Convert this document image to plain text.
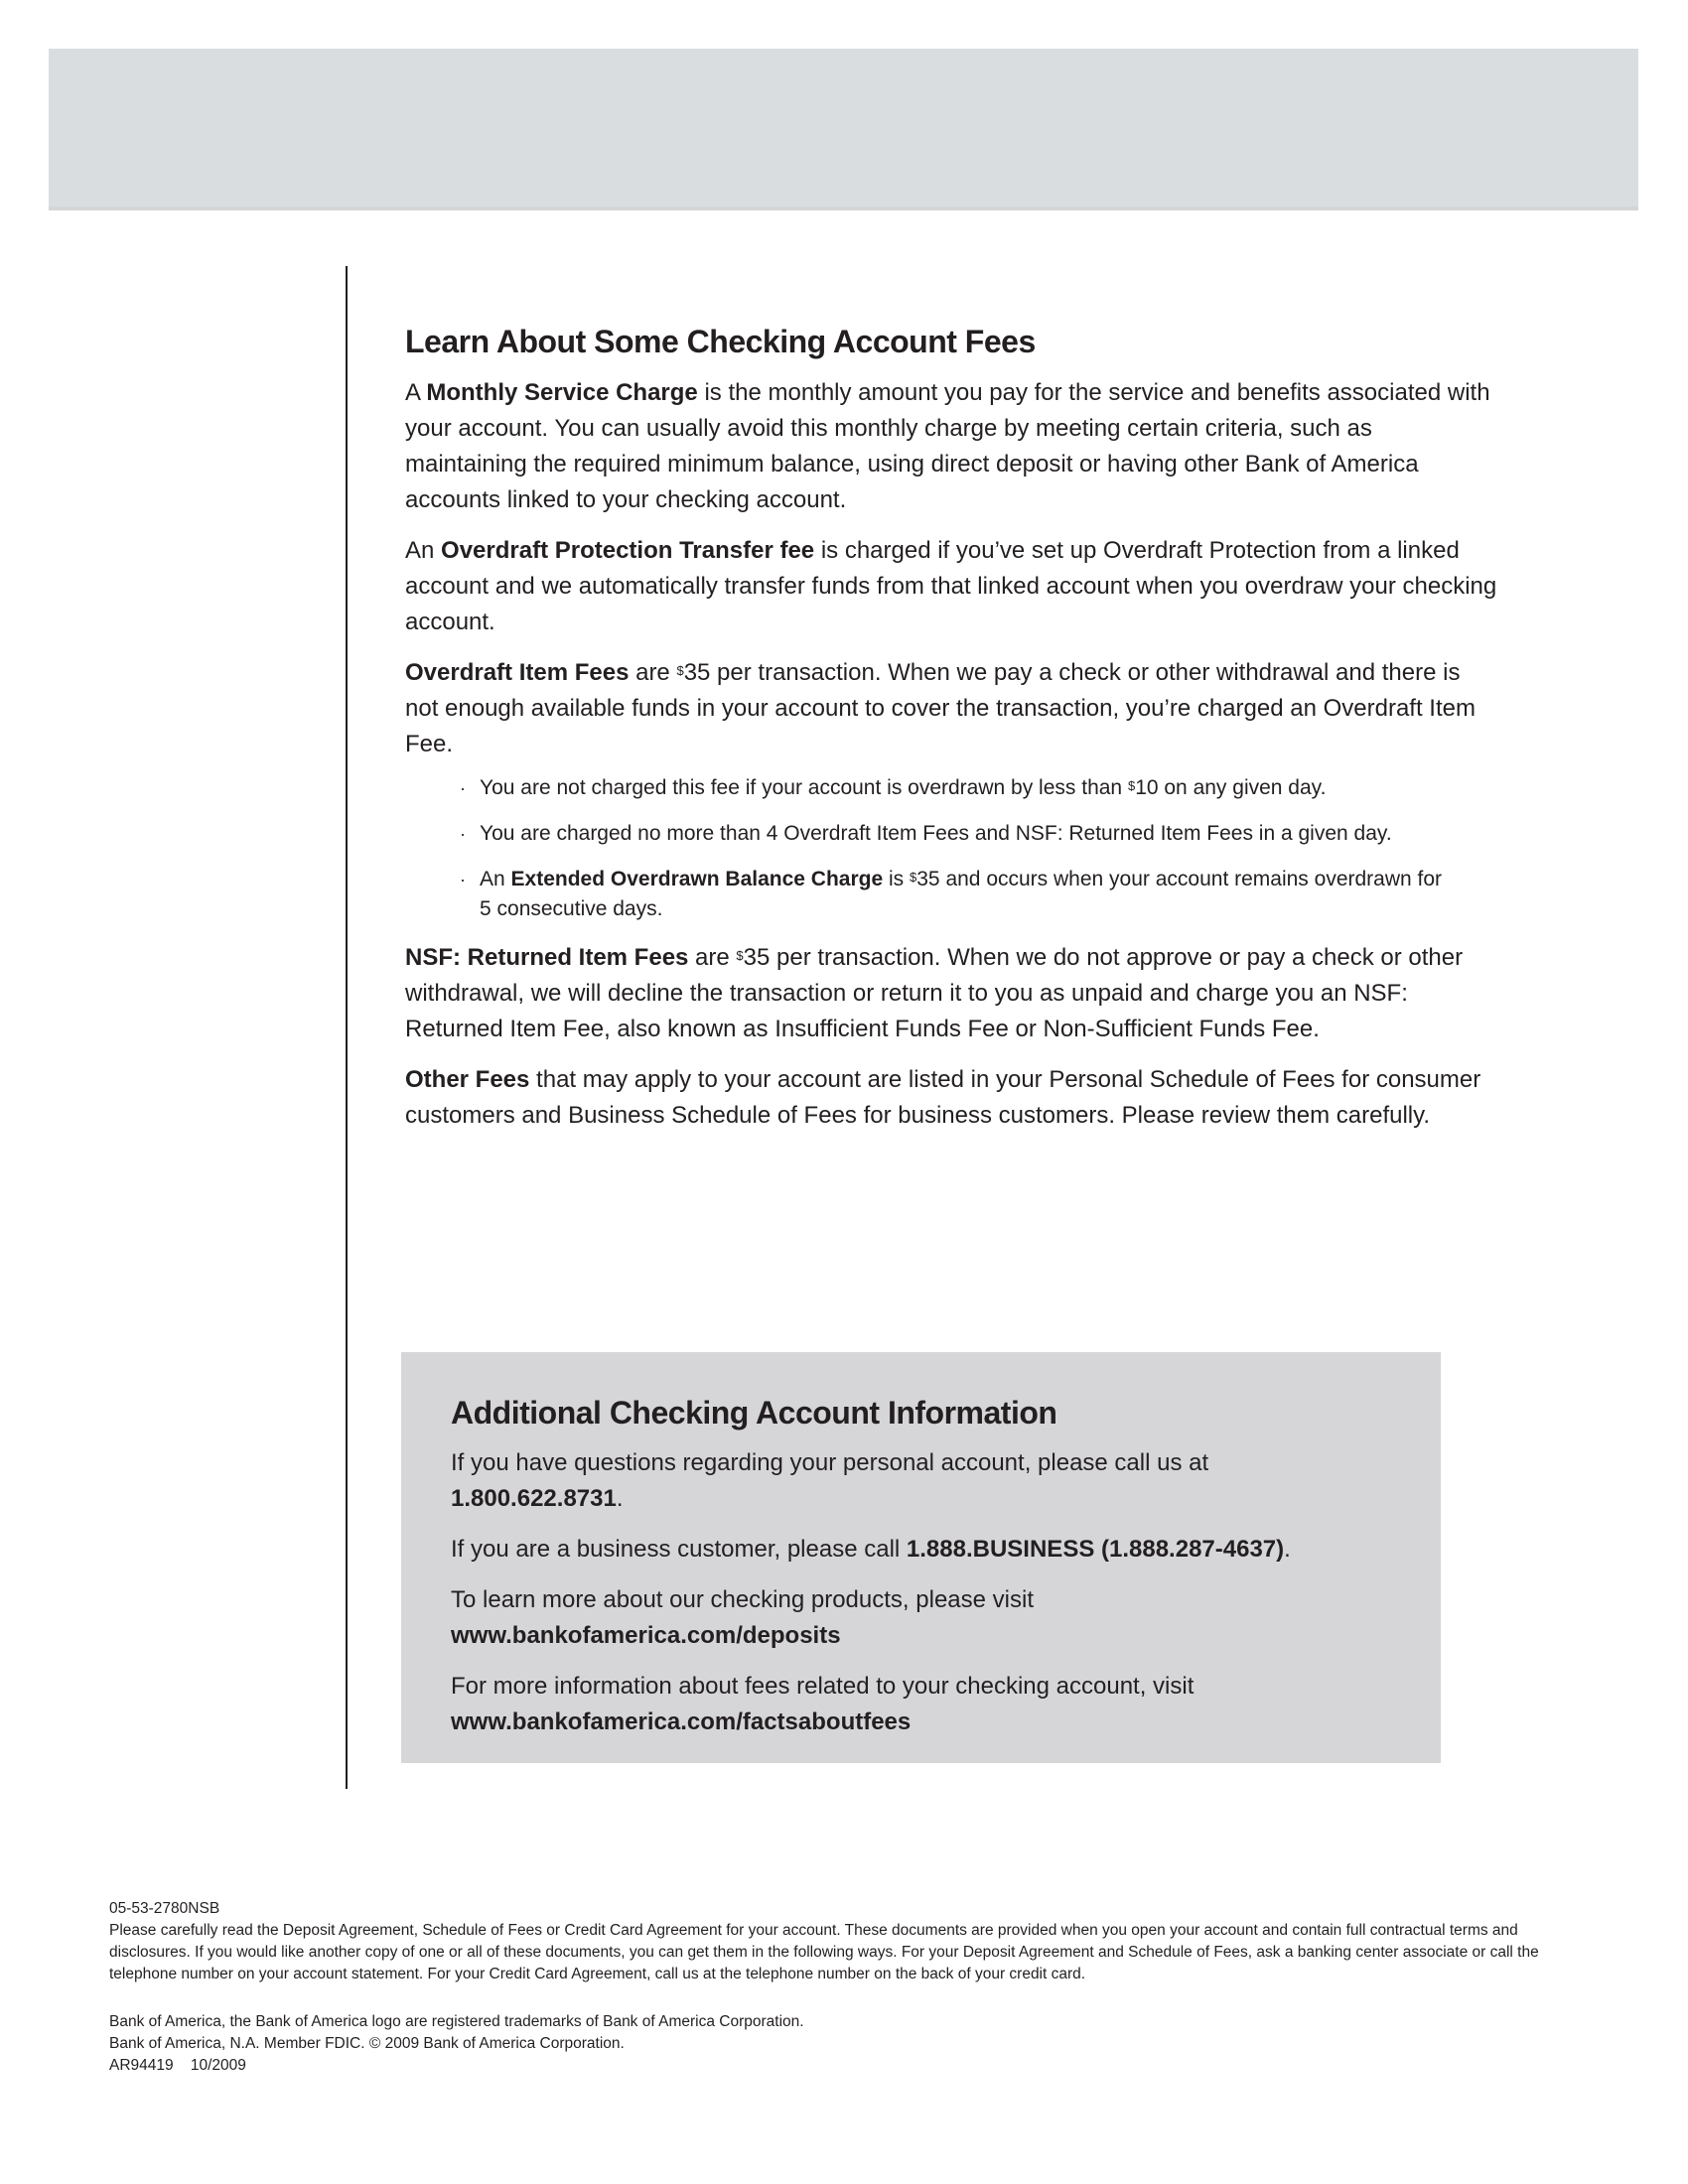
Learn About Some Checking Account Fees

A Monthly Service Charge is the monthly amount you pay for the service and benefits associated with your account. You can usually avoid this monthly charge by meeting certain criteria, such as maintaining the required minimum balance, using direct deposit or having other Bank of America accounts linked to your checking account.

An Overdraft Protection Transfer fee is charged if you’ve set up Overdraft Protection from a linked account and we automatically transfer funds from that linked account when you overdraw your checking account.

Overdraft Item Fees are $35 per transaction. When we pay a check or other withdrawal and there is not enough available funds in your account to cover the transaction, you’re charged an Overdraft Item Fee.

· You are not charged this fee if your account is overdrawn by less than $10 on any given day.
· You are charged no more than 4 Overdraft Item Fees and NSF: Returned Item Fees in a given day.
· An Extended Overdrawn Balance Charge is $35 and occurs when your account remains overdrawn for 5 consecutive days.

NSF: Returned Item Fees are $35 per transaction. When we do not approve or pay a check or other withdrawal, we will decline the transaction or return it to you as unpaid and charge you an NSF: Returned Item Fee, also known as Insufficient Funds Fee or Non-Sufficient Funds Fee.

Other Fees that may apply to your account are listed in your Personal Schedule of Fees for consumer customers and Business Schedule of Fees for business customers. Please review them carefully.

Additional Checking Account Information

If you have questions regarding your personal account, please call us at
1.800.622.8731.

If you are a business customer, please call 1.888.BUSINESS (1.888.287-4637).

To learn more about our checking products, please visit
www.bankofamerica.com/deposits

For more information about fees related to your checking account, visit
www.bankofamerica.com/factsaboutfees

05-53-2780NSB

Please carefully read the Deposit Agreement, Schedule of Fees or Credit Card Agreement for your account. These documents are provided when you open your account and contain full contractual terms and disclosures. If you would like another copy of one or all of these documents, you can get them in the following ways. For your Deposit Agreement and Schedule of Fees, ask a banking center associate or call the telephone number on your account statement. For your Credit Card Agreement, call us at the telephone number on the back of your credit card.

Bank of America, the Bank of America logo are registered trademarks of Bank of America Corporation.

Bank of America, N.A. Member FDIC. © 2009 Bank of America Corporation.

AR94419    10/2009
